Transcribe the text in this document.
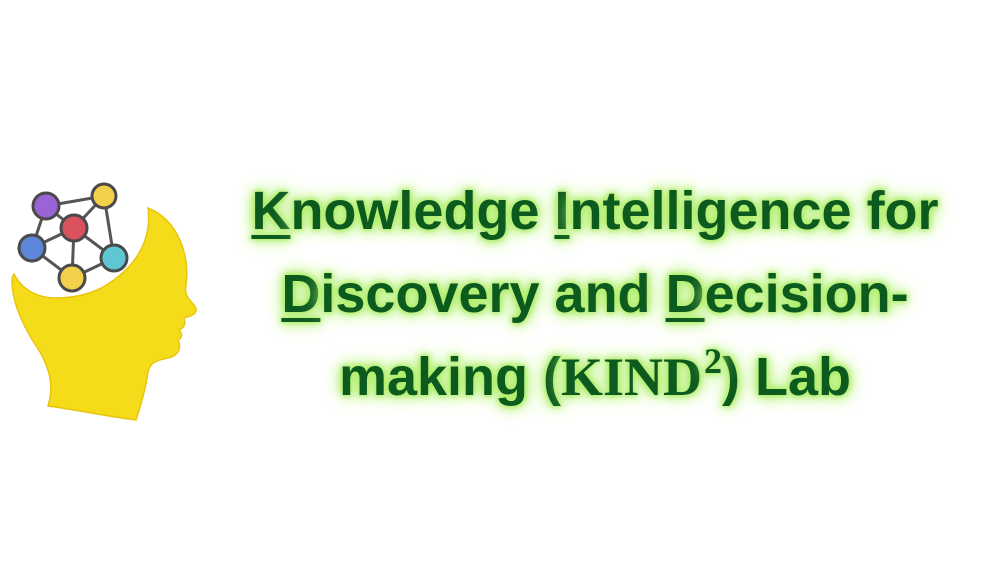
Knowledge Intelligence for
Discovery and Decision-
making (KIND$^2$) Lab
